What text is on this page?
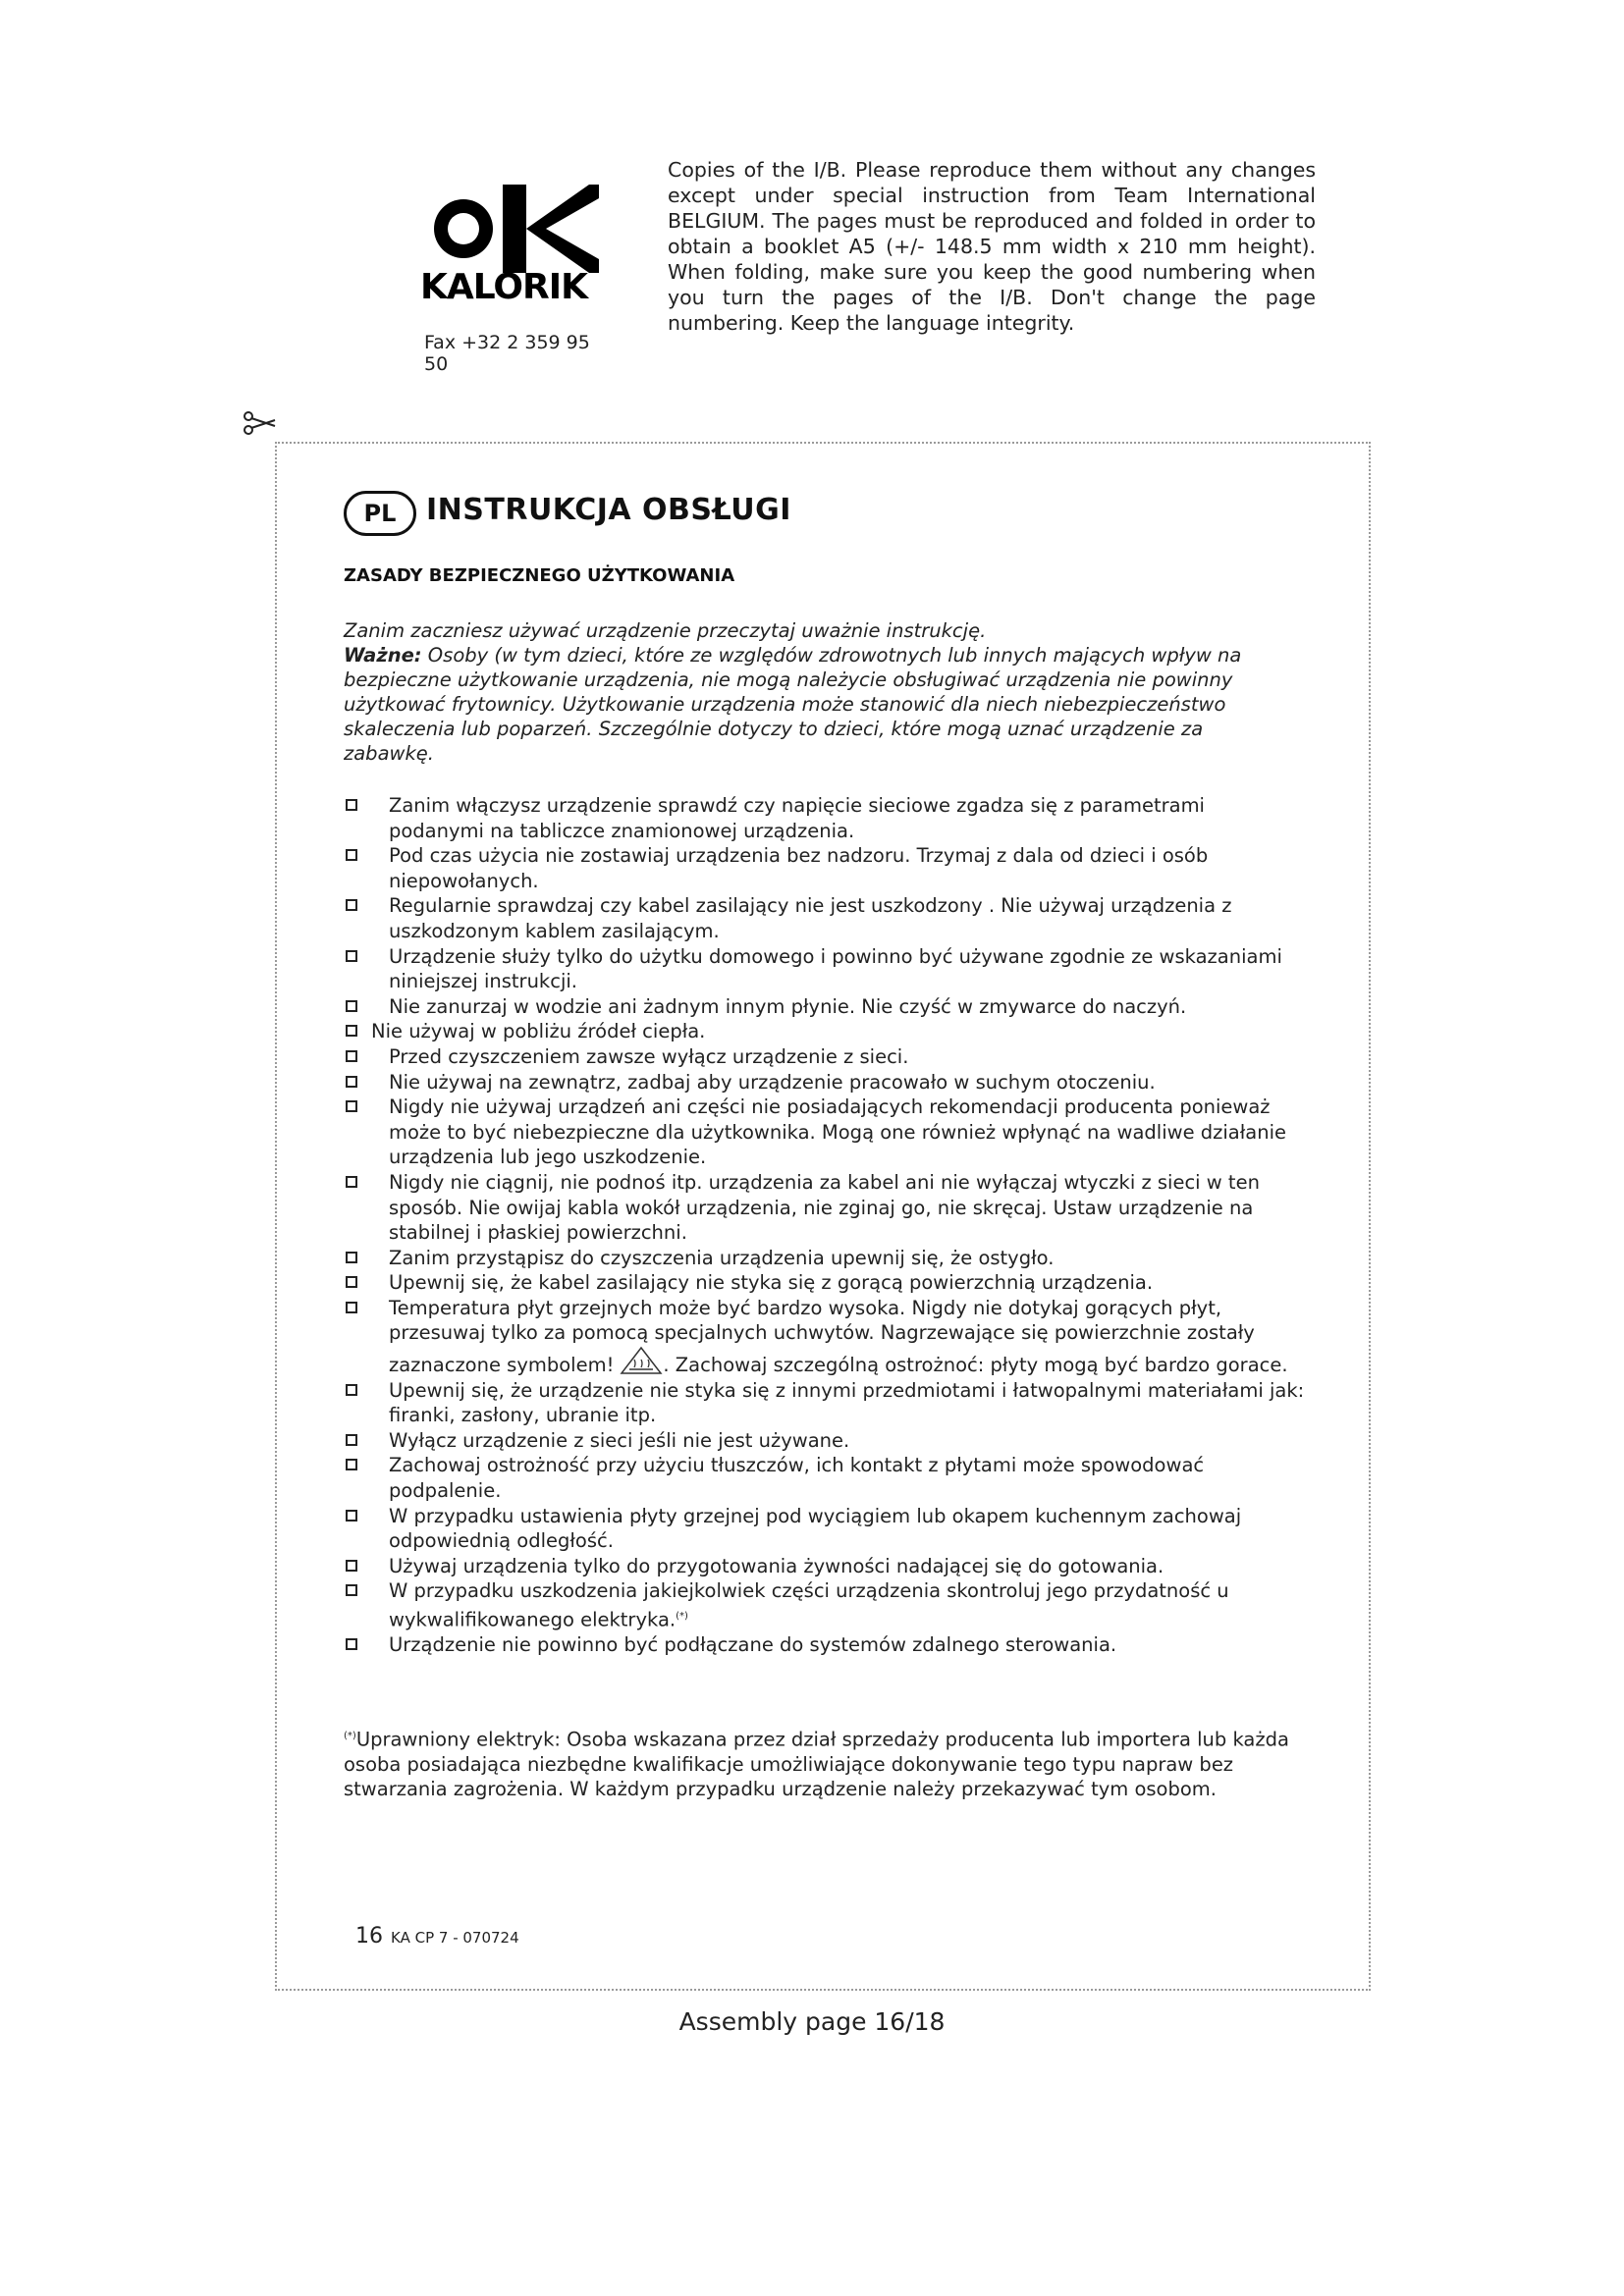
KALORIK
Fax +32 2 359 95 50
Copies of the I/B. Please reproduce them without any changes except under special instruction from Team International BELGIUM. The pages must be reproduced and folded in order to obtain a booklet A5 (+/- 148.5 mm width x 210 mm height). When folding, make sure you keep the good numbering when you turn the pages of the I/B. Don't change the page numbering. Keep the language integrity.
PL	INSTRUKCJA OBSŁUGI
ZASADY BEZPIECZNEGO UŻYTKOWANIA
Zanim zaczniesz używać urządzenie przeczytaj uważnie instrukcję.
Ważne: Osoby (w tym dzieci, które ze względów zdrowotnych lub innych mających wpływ na bezpieczne użytkowanie urządzenia, nie mogą należycie obsługiwać urządzenia nie powinny użytkować frytownicy. Użytkowanie urządzenia może stanowić dla niech niebezpieczeństwo skaleczenia lub poparzeń. Szczególnie dotyczy to dzieci, które mogą uznać urządzenie za zabawkę.
Zanim włączysz urządzenie sprawdź czy napięcie sieciowe zgadza się z parametrami podanymi na tabliczce znamionowej urządzenia.
Pod czas użycia nie zostawiaj urządzenia bez nadzoru. Trzymaj z dala od dzieci i osób niepowołanych.
Regularnie sprawdzaj czy kabel zasilający nie jest uszkodzony . Nie używaj urządzenia z uszkodzonym kablem zasilającym.
Urządzenie służy tylko do użytku domowego i powinno być używane zgodnie ze wskazaniami niniejszej instrukcji.
Nie zanurzaj w wodzie ani żadnym innym płynie. Nie czyść w zmywarce do naczyń.
Nie używaj w pobliżu źródeł ciepła.
Przed czyszczeniem zawsze wyłącz urządzenie z sieci.
Nie używaj na zewnątrz, zadbaj aby urządzenie pracowało w suchym otoczeniu.
Nigdy nie używaj urządzeń ani części nie posiadających rekomendacji producenta ponieważ może to być niebezpieczne dla użytkownika. Mogą one również wpłynąć na wadliwe działanie urządzenia lub jego uszkodzenie.
Nigdy nie ciągnij, nie podnoś itp. urządzenia za kabel ani nie wyłączaj wtyczki z sieci w ten sposób. Nie owijaj kabla wokół urządzenia, nie zginaj go, nie skręcaj. Ustaw urządzenie na stabilnej i płaskiej powierzchni.
Zanim przystąpisz do czyszczenia urządzenia upewnij się, że ostygło.
Upewnij się, że kabel zasilający nie styka się z gorącą powierzchnią urządzenia.
Temperatura płyt grzejnych może być bardzo wysoka. Nigdy nie dotykaj gorących płyt, przesuwaj tylko za pomocą specjalnych uchwytów. Nagrzewające się powierzchnie zostały zaznaczone symbolem!	. Zachowaj szczególną ostrożnoć: płyty mogą być bardzo gorace.
Upewnij się, że urządzenie nie styka się z innymi przedmiotami i łatwopalnymi materiałami jak: firanki, zasłony, ubranie itp.
Wyłącz urządzenie z sieci jeśli nie jest używane.
Zachowaj ostrożność przy użyciu tłuszczów, ich kontakt z płytami może spowodować podpalenie.
W przypadku ustawienia płyty grzejnej pod wyciągiem lub okapem kuchennym zachowaj odpowiednią odległość.
Używaj urządzenia tylko do przygotowania żywności nadającej się do gotowania.
W przypadku uszkodzenia jakiejkolwiek części urządzenia skontroluj jego przydatność u wykwalifikowanego elektryka.(*)
Urządzenie nie powinno być podłączane do systemów zdalnego sterowania.
(*)Uprawniony elektryk: Osoba wskazana przez dział sprzedaży producenta lub importera lub każda osoba posiadająca niezbędne kwalifikacje umożliwiające dokonywanie tego typu napraw bez stwarzania zagrożenia. W każdym przypadku urządzenie należy przekazywać tym osobom.
16 KA CP 7 - 070724
Assembly page 16/18
